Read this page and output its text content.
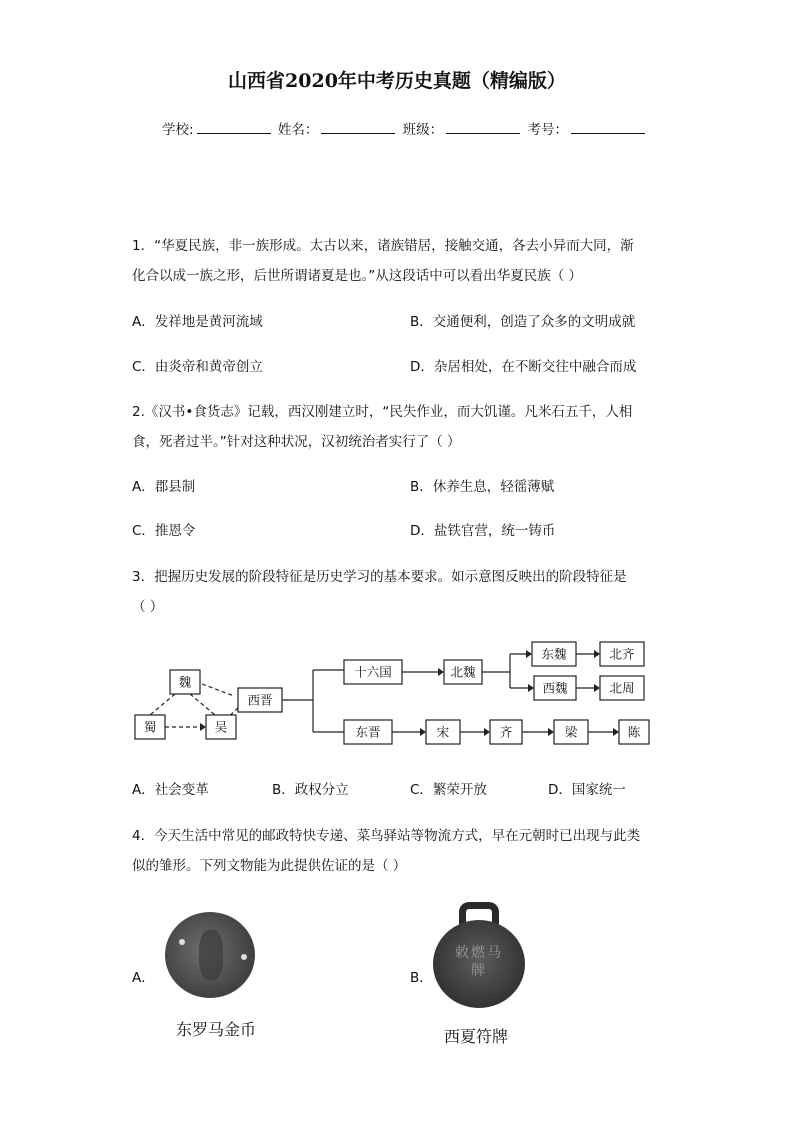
山西省2020年中考历史真题（精编版）
学校:	姓名：	班级：	考号：
1．“华夏民族，非一族形成。太古以来，诸族错居，接触交通，各去小异而大同，渐
化合以成一族之形，后世所谓诸夏是也。”从这段话中可以看出华夏民族（ ）
A．发祥地是黄河流域	B．交通便利，创造了众多的文明成就
C．由炎帝和黄帝创立	D．杂居相处，在不断交往中融合而成
2.《汉书•食货志》记载，西汉刚建立时，“民失作业，而大饥谨。凡米石五千，人相
食，死者过半。”针对这种状况，汉初统治者实行了（ ）
A．郡县制	B．休养生息，轻徭薄赋
C．推恩令	D．盐铁官营，统一铸币
3．把握历史发展的阶段特征是历史学习的基本要求。如示意图反映出的阶段特征是
（ ）
魏
蜀	吴
西晋
十六国	北魏
东魏	北齐
西魏	北周
东晋	宋	齐	梁	陈
A．社会变革	B．政权分立	C．繁荣开放	D．国家统一
4．今天生活中常见的邮政特快专递、菜鸟驿站等物流方式，早在元朝时已出现与此类
似的雏形。下列文物能为此提供佐证的是（ ）
A．
东罗马金币
B．
敕燃马牌
西夏符牌
